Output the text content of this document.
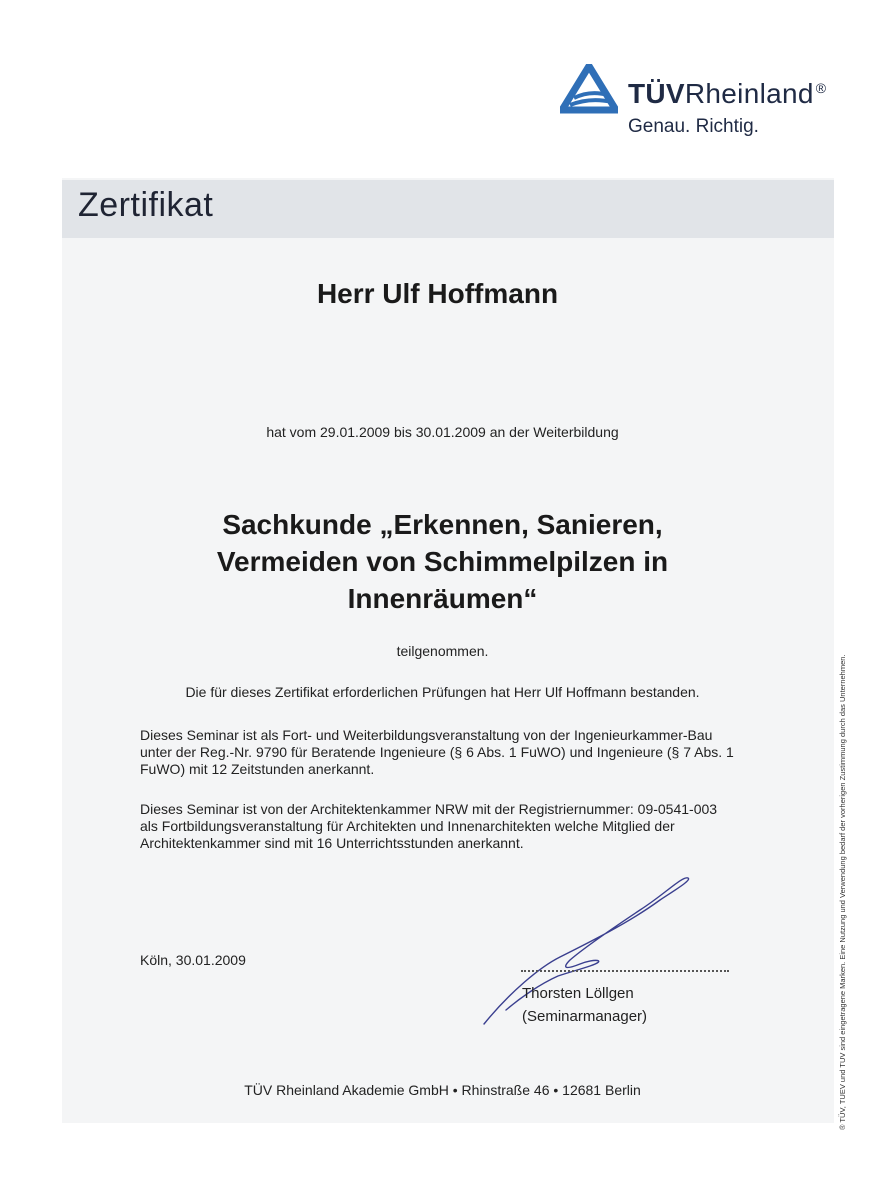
TÜVRheinland ®
Genau. Richtig.
Zertifikat
Herr Ulf Hoffmann
hat vom 29.01.2009 bis 30.01.2009 an der Weiterbildung
Sachkunde „Erkennen, Sanieren,
Vermeiden von Schimmelpilzen in
Innenräumen“
teilgenommen.
Die für dieses Zertifikat erforderlichen Prüfungen hat Herr Ulf Hoffmann bestanden.
Dieses Seminar ist als Fort- und Weiterbildungsveranstaltung von der Ingenieurkammer-Bau
unter der Reg.-Nr. 9790 für Beratende Ingenieure (§ 6 Abs. 1 FuWO) und Ingenieure (§ 7 Abs. 1
FuWO) mit 12 Zeitstunden anerkannt.
Dieses Seminar ist von der Architektenkammer NRW mit der Registriernummer: 09-0541-003
als Fortbildungsveranstaltung für Architekten und Innenarchitekten welche Mitglied der
Architektenkammer sind mit 16 Unterrichtsstunden anerkannt.
Köln, 30.01.2009
Thorsten Löllgen
(Seminarmanager)
TÜV Rheinland Akademie GmbH • Rhinstraße 46 • 12681 Berlin	® TÜV, TUEV und TUV sind eingetragene Marken. Eine Nutzung und Verwendung bedarf der vorherigen Zustimmung durch das Unternehmen.
